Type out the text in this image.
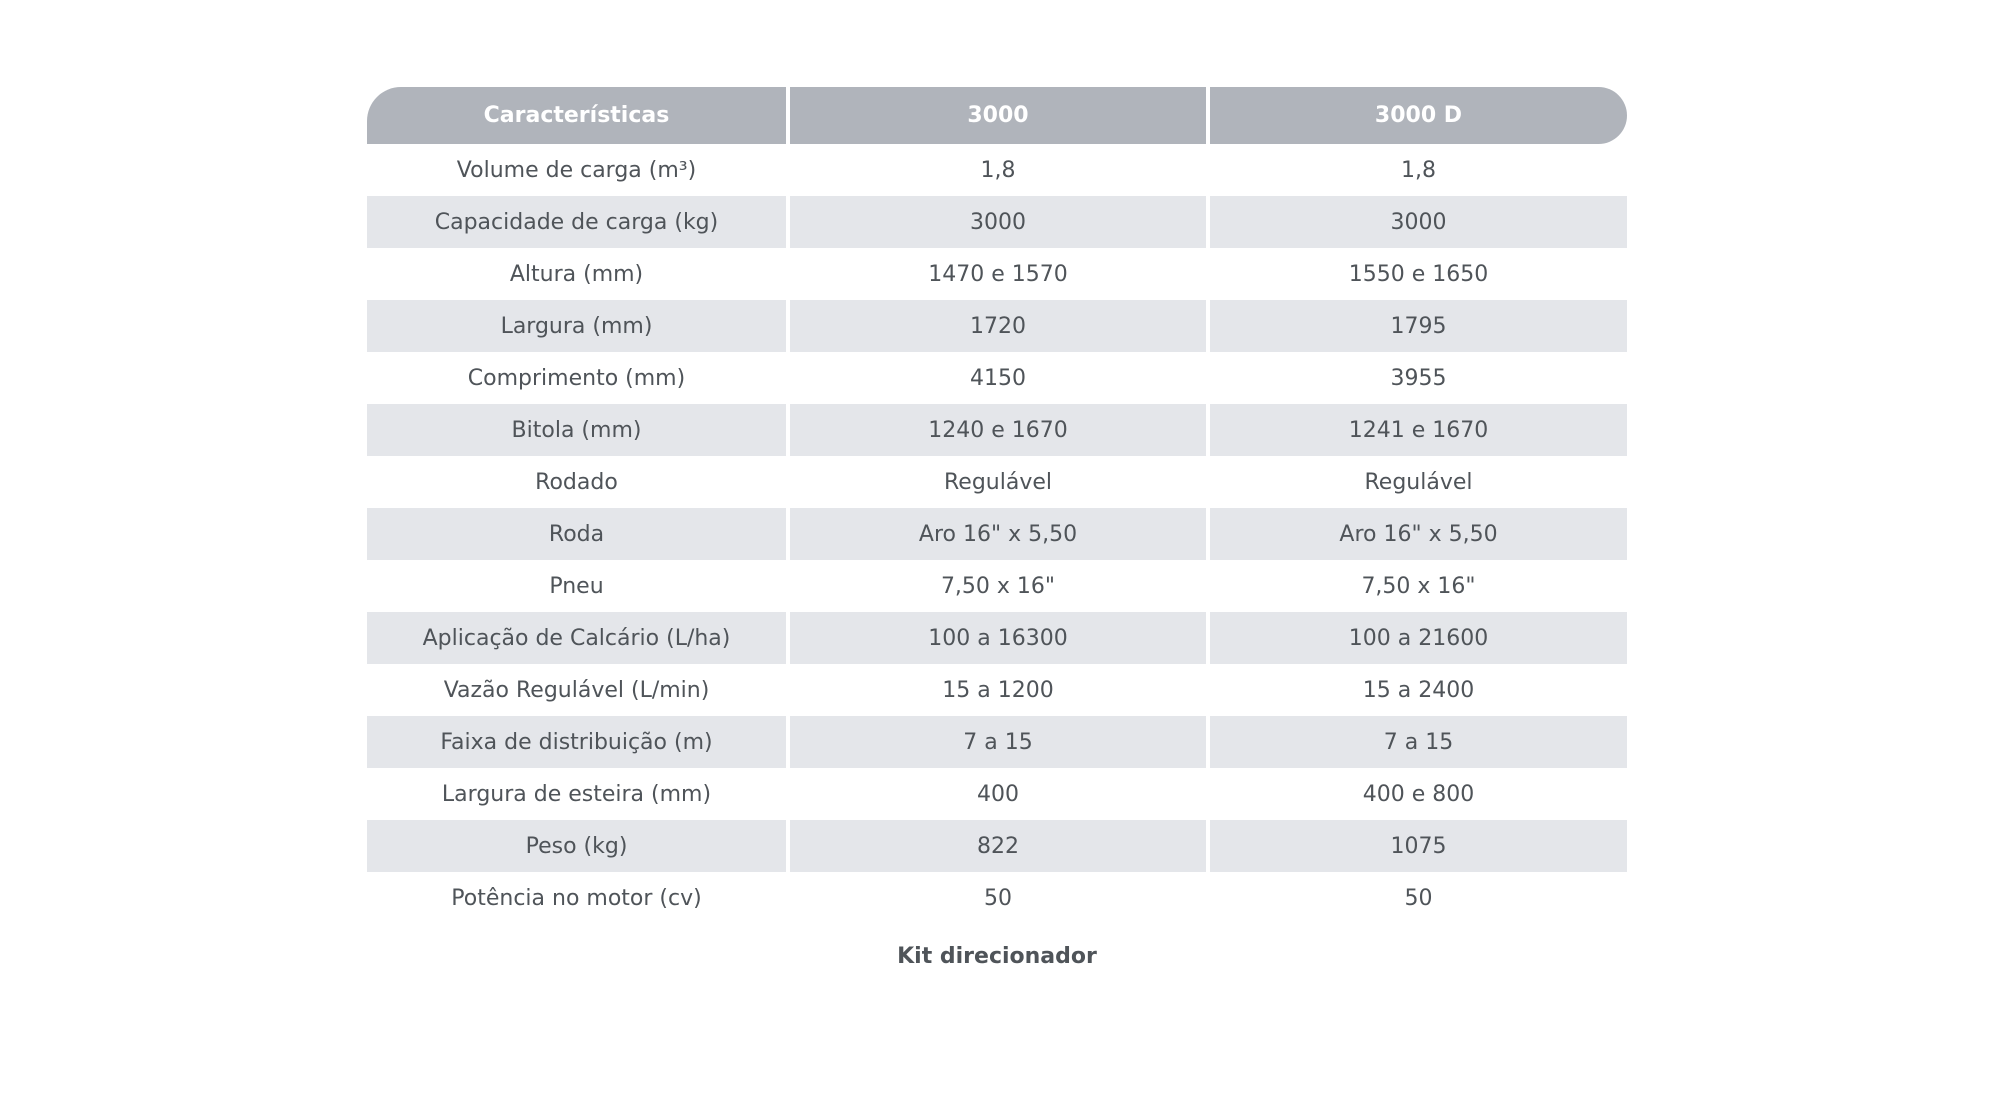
Características	3000	3000 D
Volume de carga (m³)	1,8	1,8
Capacidade de carga (kg)	3000	3000
Altura (mm)	1470 e 1570	1550 e 1650
Largura (mm)	1720	1795
Comprimento (mm)	4150	3955
Bitola (mm)	1240 e 1670	1241 e 1670
Rodado	Regulável	Regulável
Roda	Aro 16" x 5,50	Aro 16" x 5,50
Pneu	7,50 x 16"	7,50 x 16"
Aplicação de Calcário (L/ha)	100 a 16300	100 a 21600
Vazão Regulável (L/min)	15 a 1200	15 a 2400
Faixa de distribuição (m)	7 a 15	7 a 15
Largura de esteira (mm)	400	400 e 800
Peso (kg)	822	1075
Potência no motor (cv)	50	50
Kit direcionador
